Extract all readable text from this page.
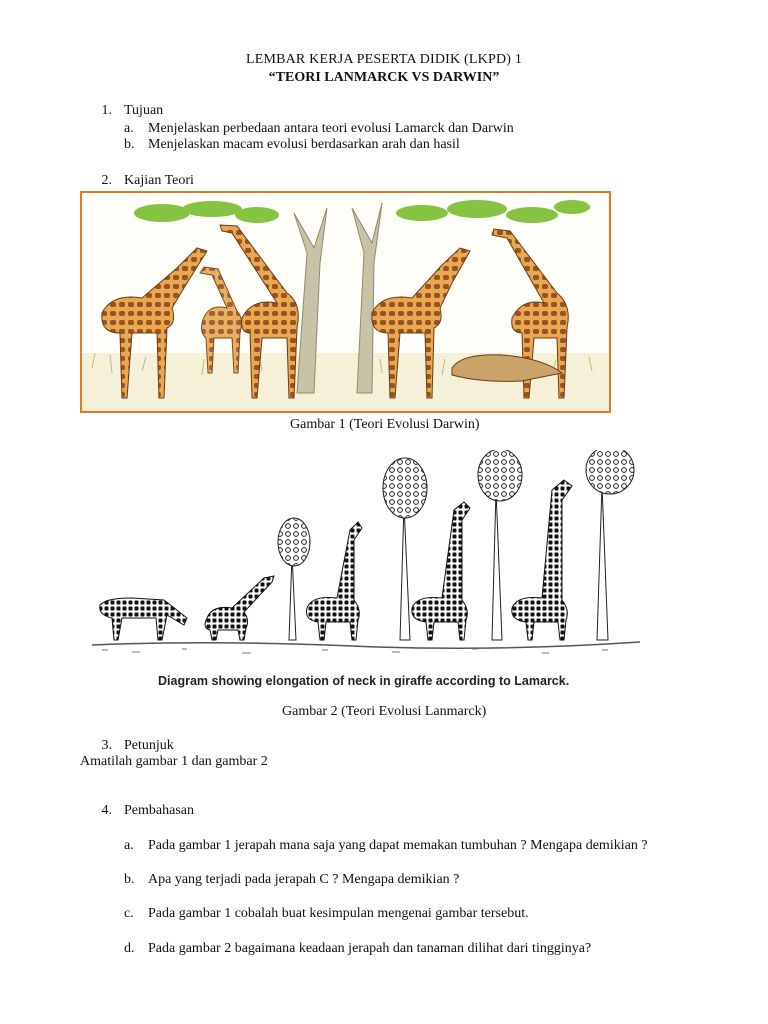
LEMBAR KERJA PESERTA DIDIK (LKPD) 1
“TEORI LANMARCK VS DARWIN”
1. Tujuan
a. Menjelaskan perbedaan antara teori evolusi Lamarck dan Darwin
b. Menjelaskan macam evolusi berdasarkan arah dan hasil
2. Kajian Teori
Gambar 1 (Teori Evolusi Darwin)
Diagram showing elongation of neck in giraffe according to Lamarck.
Gambar 2 (Teori Evolusi Lanmarck)
3. Petunjuk
Amatilah gambar 1 dan gambar 2
4. Pembahasan
a. Pada gambar 1 jerapah mana saja yang dapat memakan tumbuhan ? Mengapa demikian ?
b. Apa yang terjadi pada jerapah C ? Mengapa demikian ?
c. Pada gambar 1 cobalah buat kesimpulan mengenai gambar tersebut.
d. Pada gambar 2 bagaimana keadaan jerapah dan tanaman dilihat dari tingginya?
